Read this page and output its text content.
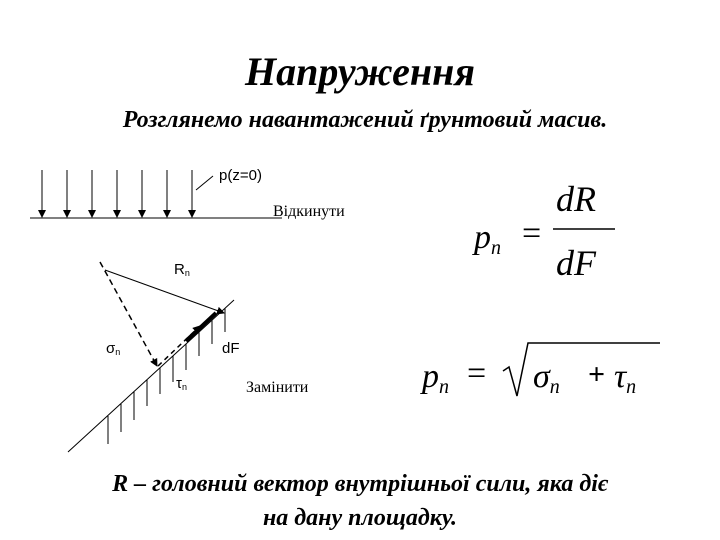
Напруження
Розглянемо навантажений ґрунтовий масив.
p(z=0)
Відкинути
Rn
σn	dF
τn	Замінити
pn =
dR
dF
pn = σn + τn
R – головний вектор внутрішньої сили, яка діє
на дану площадку.
